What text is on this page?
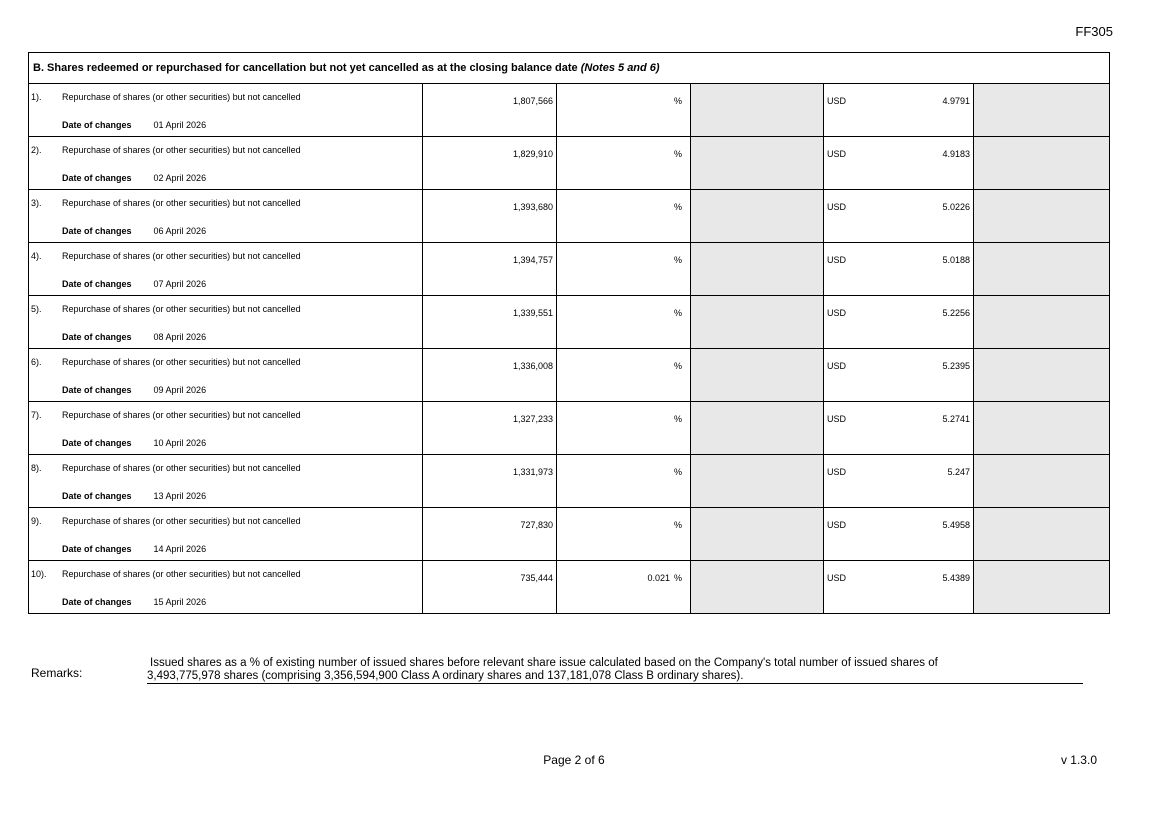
FF305
B. Shares redeemed or repurchased for cancellation but not yet cancelled as at the closing balance date (Notes 5 and 6)					

1). Repurchase of shares (or other securities) but not cancelled
Date of changes 01 April 2026	1,807,566	%		USD 4.9791	

2). Repurchase of shares (or other securities) but not cancelled
Date of changes 02 April 2026	1,829,910	%		USD 4.9183	

3). Repurchase of shares (or other securities) but not cancelled
Date of changes 06 April 2026	1,393,680	%		USD 5.0226	

4). Repurchase of shares (or other securities) but not cancelled
Date of changes 07 April 2026	1,394,757	%		USD 5.0188	

5). Repurchase of shares (or other securities) but not cancelled
Date of changes 08 April 2026	1,339,551	%		USD 5.2256	

6). Repurchase of shares (or other securities) but not cancelled
Date of changes 09 April 2026	1,336,008	%		USD 5.2395	

7). Repurchase of shares (or other securities) but not cancelled
Date of changes 10 April 2026	1,327,233	%		USD 5.2741	

8). Repurchase of shares (or other securities) but not cancelled
Date of changes 13 April 2026	1,331,973	%		USD 5.247	

9). Repurchase of shares (or other securities) but not cancelled
Date of changes 14 April 2026	727,830	%		USD 5.4958	

10). Repurchase of shares (or other securities) but not cancelled
Date of changes 15 April 2026	735,444	0.021 %		USD 5.4389	

Remarks:
Issued shares as a % of existing number of issued shares before relevant share issue calculated based on the Company's total number of issued shares of
3,493,775,978 shares (comprising 3,356,594,900 Class A ordinary shares and 137,181,078 Class B ordinary shares).
Page 2 of 6	v 1.3.0
